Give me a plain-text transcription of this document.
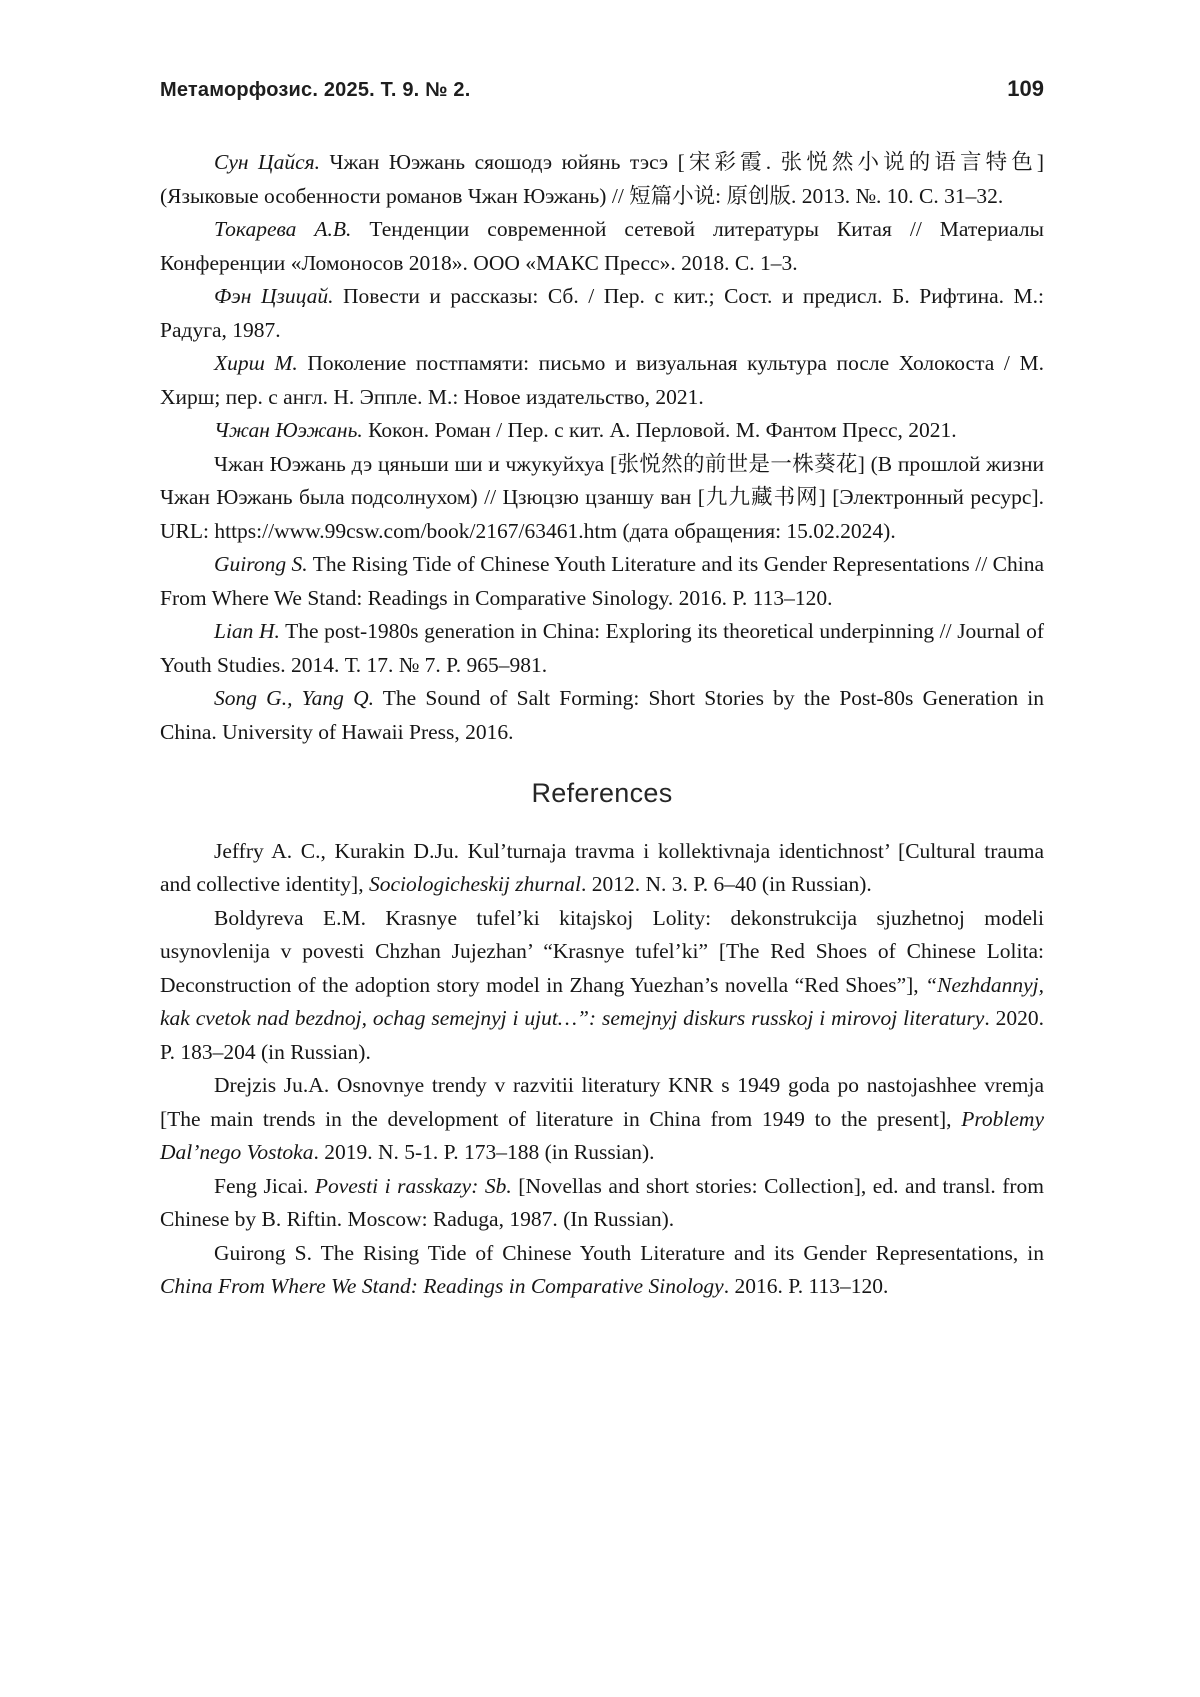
Метаморфозис. 2025. Т. 9. № 2.	109

Сун Цайся. Чжан Юэжань сяошодэ юйянь тэсэ [宋彩霞. 张悦然小说的语言特色] (Языковые особенности романов Чжан Юэжань) // 短篇小说: 原创版. 2013. №. 10. С. 31–32.

Токарева А.В. Тенденции современной сетевой литературы Китая // Материалы Конференции «Ломоносов 2018». ООО «МАКС Пресс». 2018. С. 1–3.

Фэн Цзицай. Повести и рассказы: Сб. / Пер. с кит.; Сост. и предисл. Б. Рифтина. М.: Радуга, 1987.

Хирш М. Поколение постпамяти: письмо и визуальная культура после Холокоста / М. Хирш; пер. с англ. Н. Эппле. М.: Новое издательство, 2021.

Чжан Юэжань. Кокон. Роман / Пер. с кит. А. Перловой. М. Фантом Пресс, 2021.

Чжан Юэжань дэ цяньши ши и чжукуйхуа [张悦然的前世是一株葵花] (В прошлой жизни Чжан Юэжань была подсолнухом) // Цзюцзю цзаншу ван [九九藏书网] [Электронный ресурс]. URL: https://www.99csw.com/book/2167/63461.htm (дата обращения: 15.02.2024).

Guirong S. The Rising Tide of Chinese Youth Literature and its Gender Representations // China From Where We Stand: Readings in Comparative Sinology. 2016. P. 113–120.

Lian H. The post-1980s generation in China: Exploring its theoretical underpinning // Journal of Youth Studies. 2014. Т. 17. № 7. P. 965–981.

Song G., Yang Q. The Sound of Salt Forming: Short Stories by the Post-80s Generation in China. University of Hawaii Press, 2016.

References

Jeffry A. C., Kurakin D.Ju. Kul’turnaja travma i kollektivnaja identichnost’ [Cultural trauma and collective identity], Sociologicheskij zhurnal. 2012. N. 3. P. 6–40 (in Russian).

Boldyreva E.M. Krasnye tufel’ki kitajskoj Lolity: dekonstrukcija sjuzhetnoj modeli usynovlenija v povesti Chzhan Jujezhan’ “Krasnye tufel’ki” [The Red Shoes of Chinese Lolita: Deconstruction of the adoption story model in Zhang Yuezhan’s novella “Red Shoes”], “Nezhdannyj, kak cvetok nad bezdnoj, ochag semejnyj i ujut…”: semejnyj diskurs russkoj i mirovoj literatury. 2020. P. 183–204 (in Russian).

Drejzis Ju.A. Osnovnye trendy v razvitii literatury KNR s 1949 goda po nastojashhee vremja [The main trends in the development of literature in China from 1949 to the present], Problemy Dal’nego Vostoka. 2019. N. 5-1. P. 173–188 (in Russian).

Feng Jicai. Povesti i rasskazy: Sb. [Novellas and short stories: Collection], ed. and transl. from Chinese by B. Riftin. Moscow: Raduga, 1987. (In Russian).

Guirong S. The Rising Tide of Chinese Youth Literature and its Gender Representations, in China From Where We Stand: Readings in Comparative Sinology. 2016. P. 113–120.
